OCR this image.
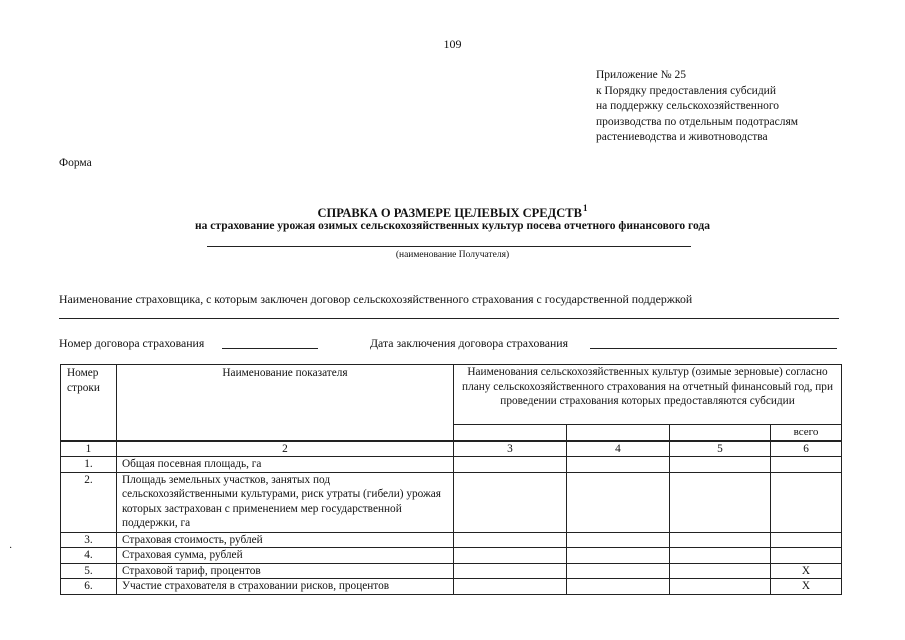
109
Приложение № 25
к Порядку предоставления субсидий
на поддержку сельскохозяйственного
производства по отдельным подотраслям
растениеводства и животноводства
Форма
СПРАВКА О РАЗМЕРЕ ЦЕЛЕВЫХ СРЕДСТВ$^1$
на страхование урожая озимых сельскохозяйственных культур посева отчетного финансового года
(наименование Получателя)
Наименование страховщика, с которым заключен договор сельскохозяйственного страхования с государственной поддержкой
Номер договора страхования	Дата заключения договора страхования
Номер строки	Наименование показателя	Наименования сельскохозяйственных культур (озимые зерновые) согласно плану сельскохозяйственного страхования на отчетный финансовый год, при проведении страхования которых предоставляются субсидии			
					всего
1	2	3	4	5	6
1.	Общая посевная площадь, га				
2.	Площадь земельных участков, занятых под сельскохозяйственными культурами, риск утраты (гибели) урожая которых застрахован с применением мер государственной поддержки, га				
3.	Страховая стоимость, рублей				
4.	Страховая сумма, рублей				
5.	Страховой тариф, процентов				Х
6.	Участие страхователя в страховании рисков, процентов				Х
·
